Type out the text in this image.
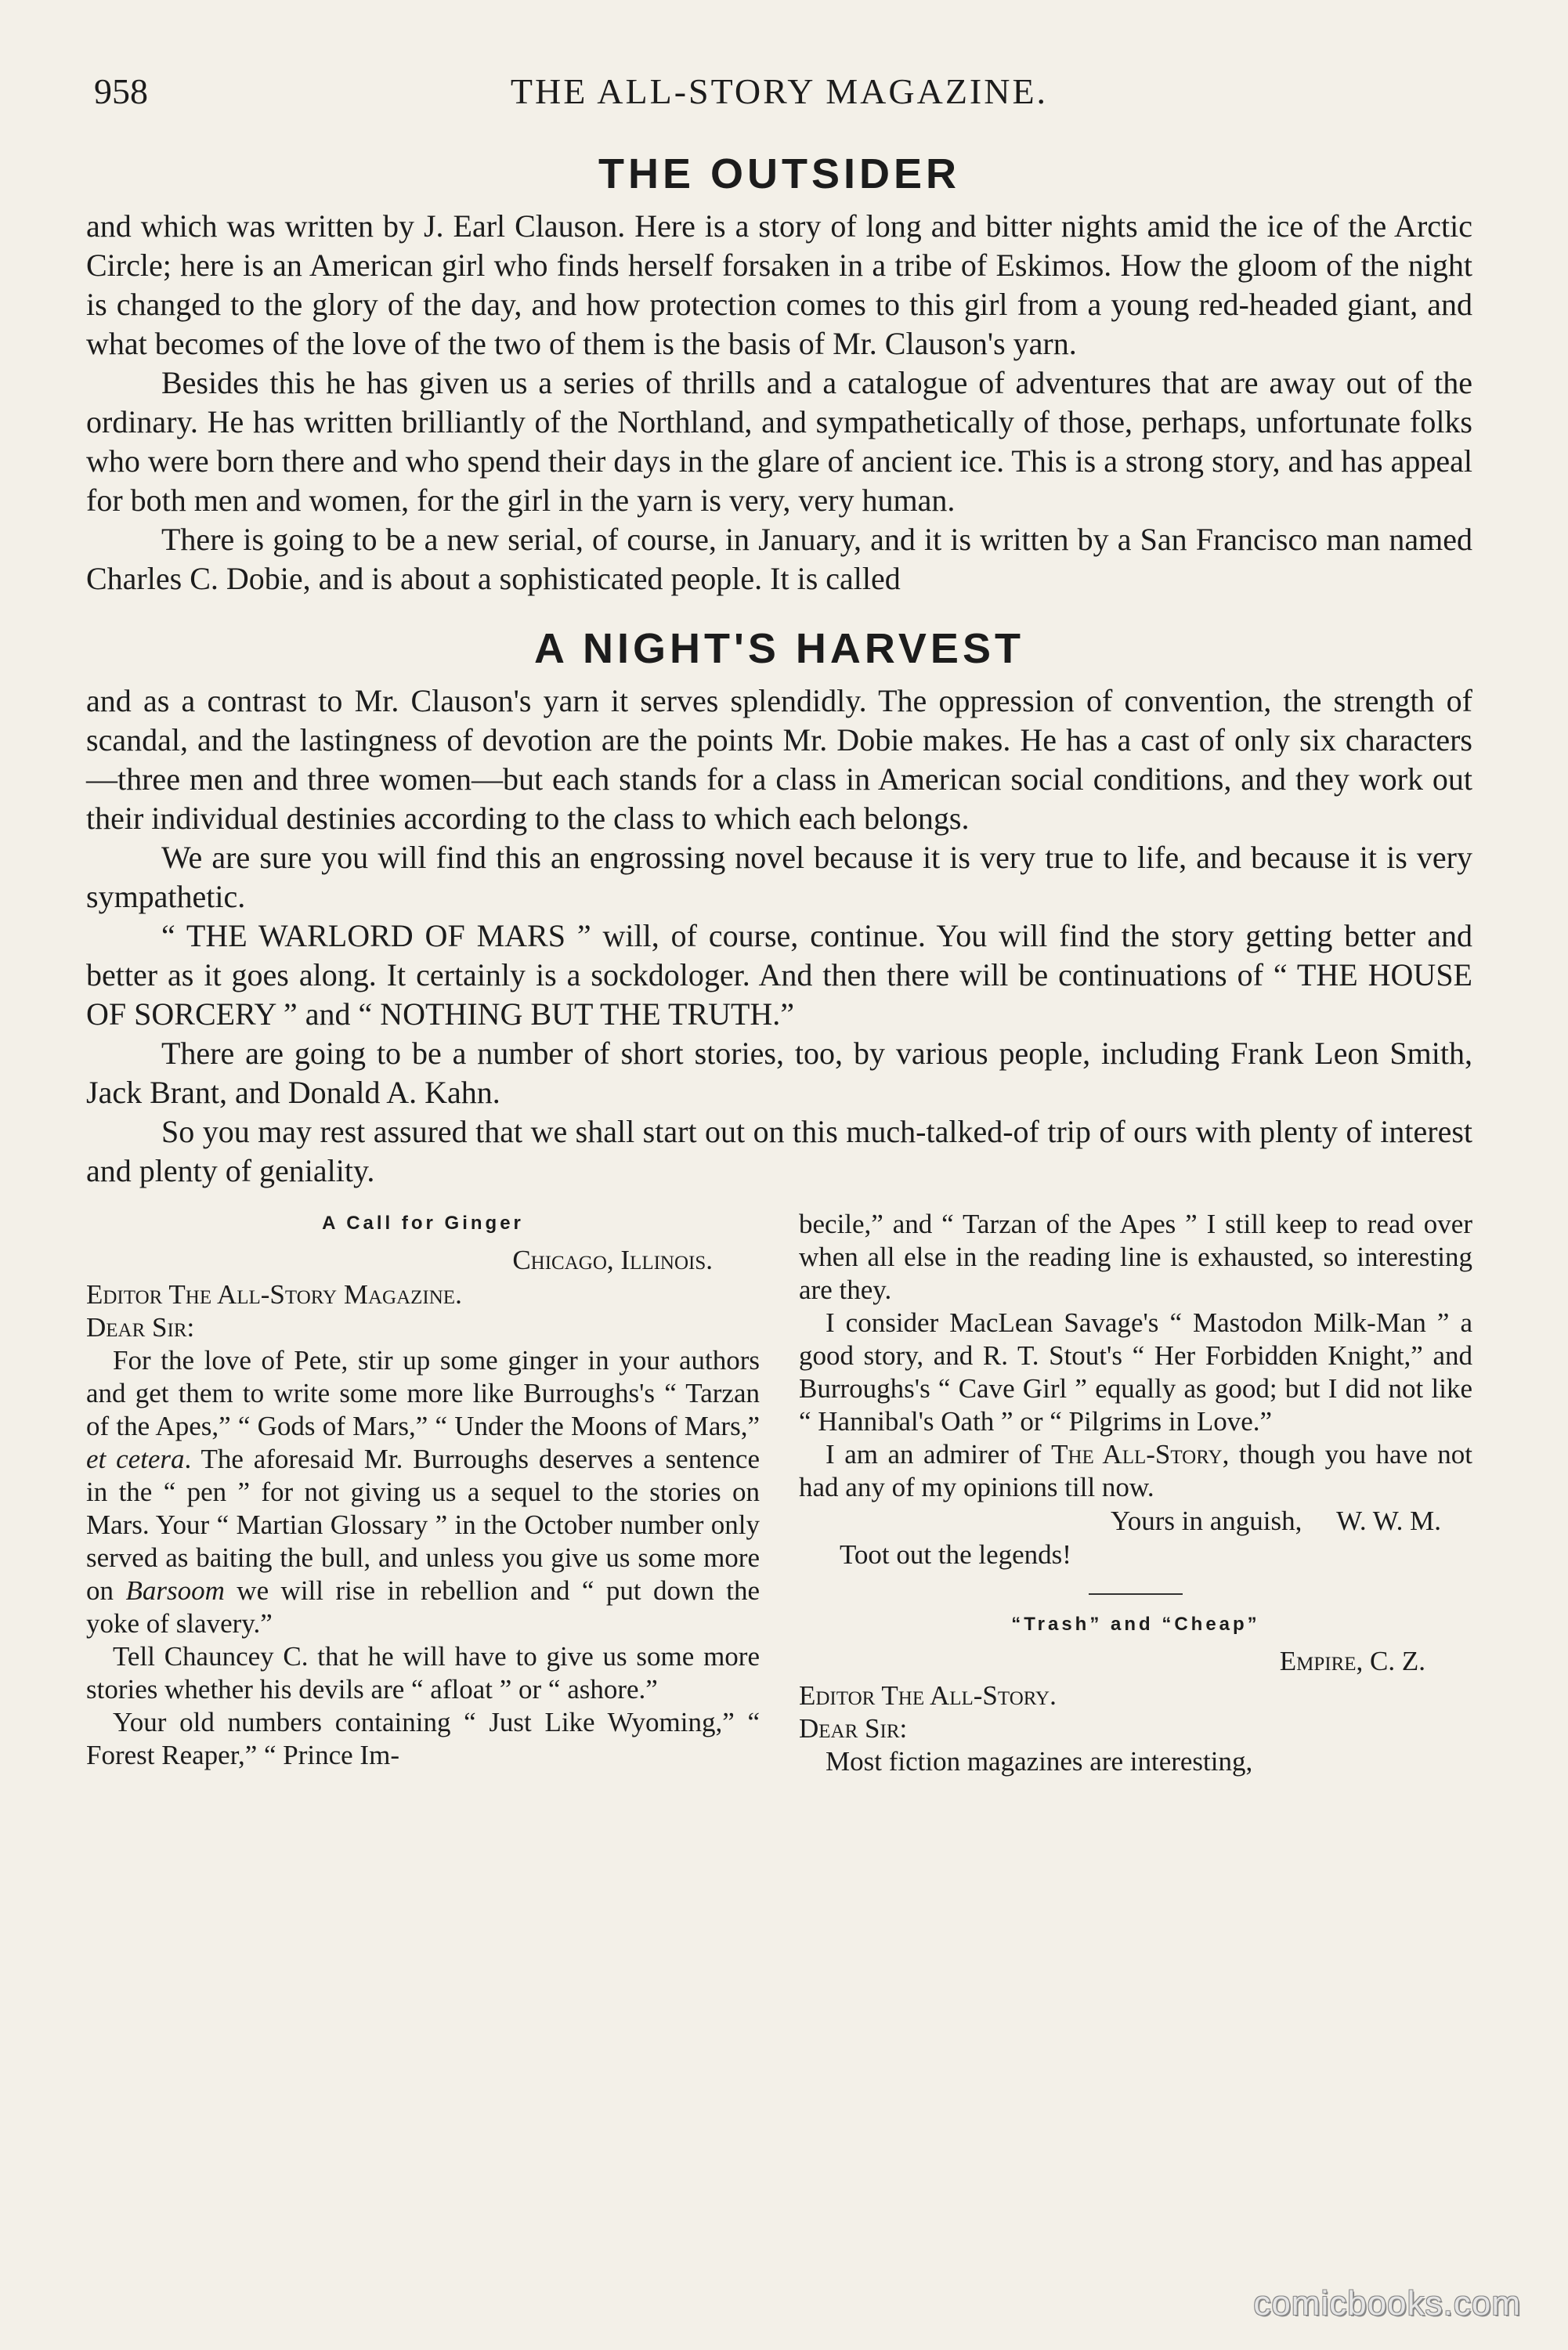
958	THE ALL-STORY MAGAZINE.
THE OUTSIDER

and which was written by J. Earl Clauson. Here is a story of long and bitter nights amid the ice of the Arctic Circle; here is an American girl who finds herself forsaken in a tribe of Eskimos. How the gloom of the night is changed to the glory of the day, and how protection comes to this girl from a young red-headed giant, and what becomes of the love of the two of them is the basis of Mr. Clauson's yarn.

Besides this he has given us a series of thrills and a catalogue of adventures that are away out of the ordinary. He has written brilliantly of the Northland, and sympathetically of those, perhaps, unfortunate folks who were born there and who spend their days in the glare of ancient ice. This is a strong story, and has appeal for both men and women, for the girl in the yarn is very, very human.

There is going to be a new serial, of course, in January, and it is written by a San Francisco man named Charles C. Dobie, and is about a sophisticated people. It is called

A NIGHT'S HARVEST

and as a contrast to Mr. Clauson's yarn it serves splendidly. The oppression of convention, the strength of scandal, and the lastingness of devotion are the points Mr. Dobie makes. He has a cast of only six characters—three men and three women—but each stands for a class in American social conditions, and they work out their individual destinies according to the class to which each belongs.

We are sure you will find this an engrossing novel because it is very true to life, and because it is very sympathetic.

“ THE WARLORD OF MARS ” will, of course, continue. You will find the story getting better and better as it goes along. It certainly is a sockdologer. And then there will be continuations of “ THE HOUSE OF SORCERY ” and “ NOTHING BUT THE TRUTH.”

There are going to be a number of short stories, too, by various people, including Frank Leon Smith, Jack Brant, and Donald A. Kahn.

So you may rest assured that we shall start out on this much-talked-of trip of ours with plenty of interest and plenty of geniality.

A Call for Ginger
Chicago, Illinois.
Editor The All-Story Magazine.
Dear Sir:

For the love of Pete, stir up some ginger in your authors and get them to write some more like Burroughs's “ Tarzan of the Apes,” “ Gods of Mars,” “ Under the Moons of Mars,” et cetera. The aforesaid Mr. Burroughs deserves a sentence in the “ pen ” for not giving us a sequel to the stories on Mars. Your “ Martian Glossary ” in the October number only served as baiting the bull, and unless you give us some more on Barsoom we will rise in rebellion and “ put down the yoke of slavery.”

Tell Chauncey C. that he will have to give us some more stories whether his devils are “ afloat ” or “ ashore.”

Your old numbers containing “ Just Like Wyoming,” “ Forest Reaper,” “ Prince Im-

becile,” and “ Tarzan of the Apes ” I still keep to read over when all else in the reading line is exhausted, so interesting are they.

I consider MacLean Savage's “ Mastodon Milk-Man ” a good story, and R. T. Stout's “ Her Forbidden Knight,” and Burroughs's “ Cave Girl ” equally as good; but I did not like “ Hannibal's Oath ” or “ Pilgrims in Love.”

I am an admirer of The All-Story, though you have not had any of my opinions till now.

Yours in anguish, W. W. M.

Toot out the legends!

“Trash” and “Cheap”
Empire, C. Z.
Editor The All-Story.
Dear Sir:

Most fiction magazines are interesting,

comicbooks.com
